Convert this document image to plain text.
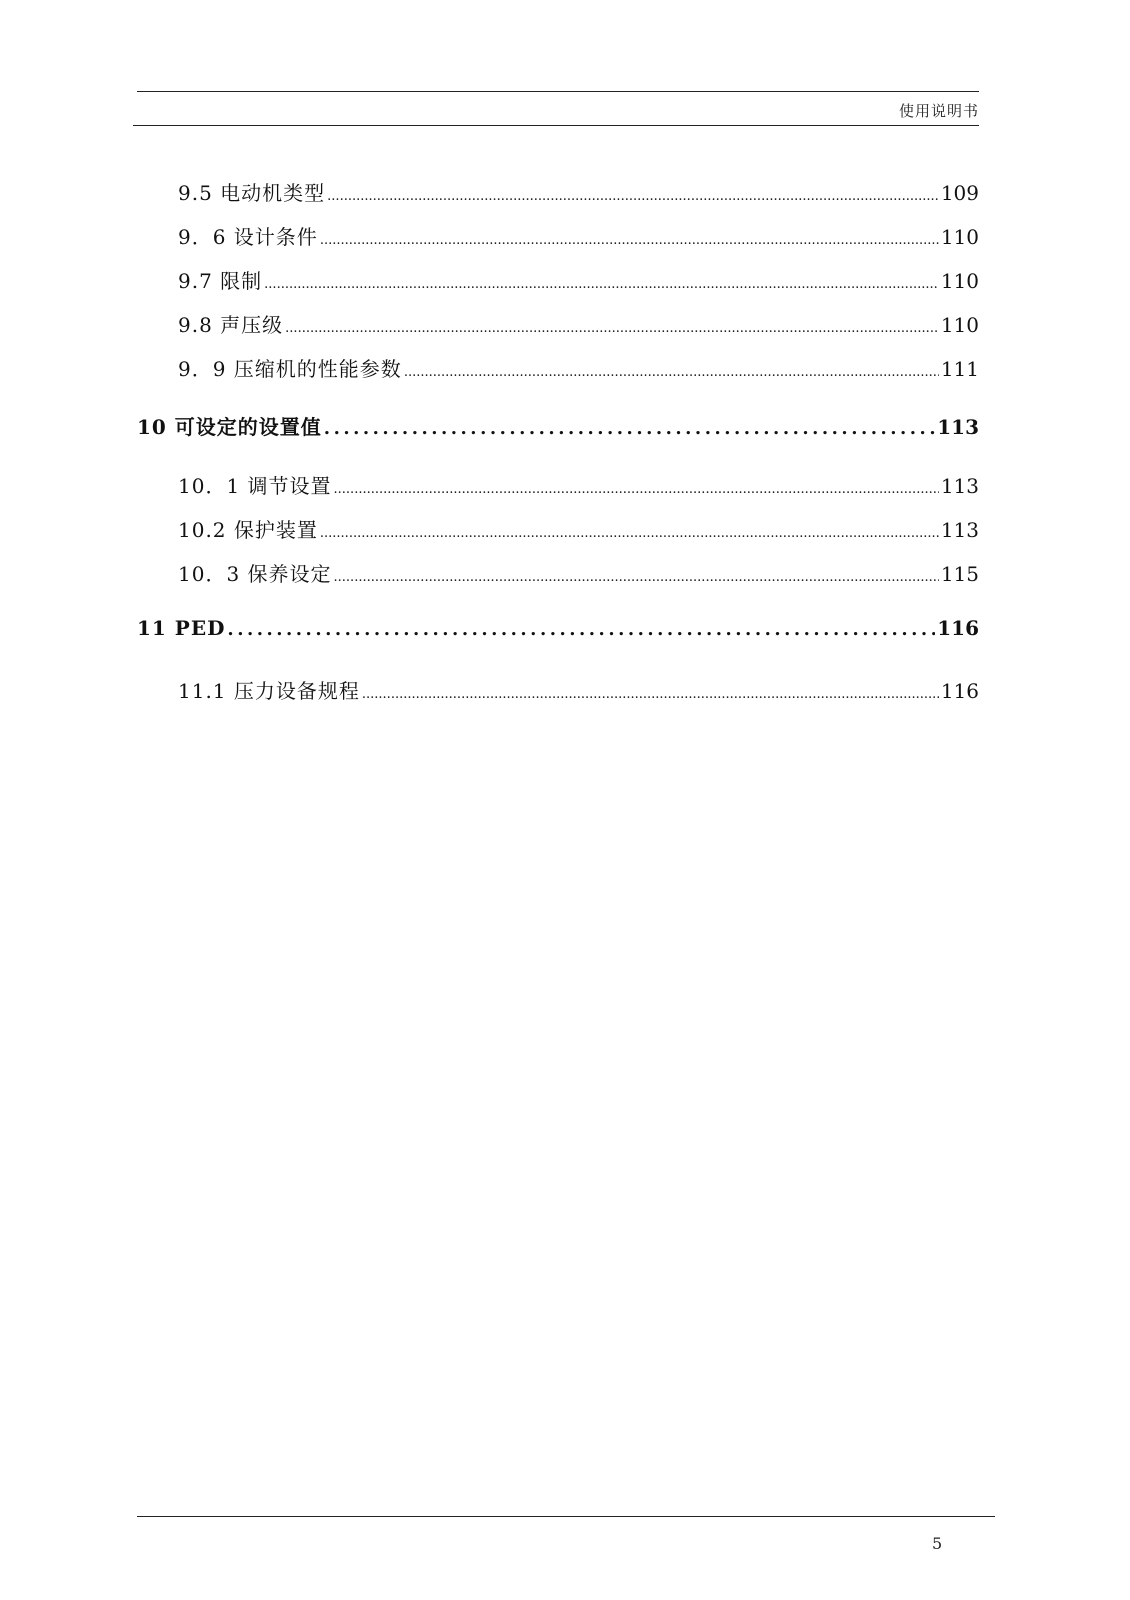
使用说明书
9.5 电动机类型 .....	109
9．6 设计条件 .....	110
9.7 限制 .....	110
9.8 声压级 .....	110
9．9 压缩机的性能参数 .....	111
10 可设定的设置值 .....	113
10．1 调节设置 .....	113
10.2 保护装置 .....	113
10．3 保养设定 .....	115
11 PED .....	116
11.1 压力设备规程 .....	116
5
